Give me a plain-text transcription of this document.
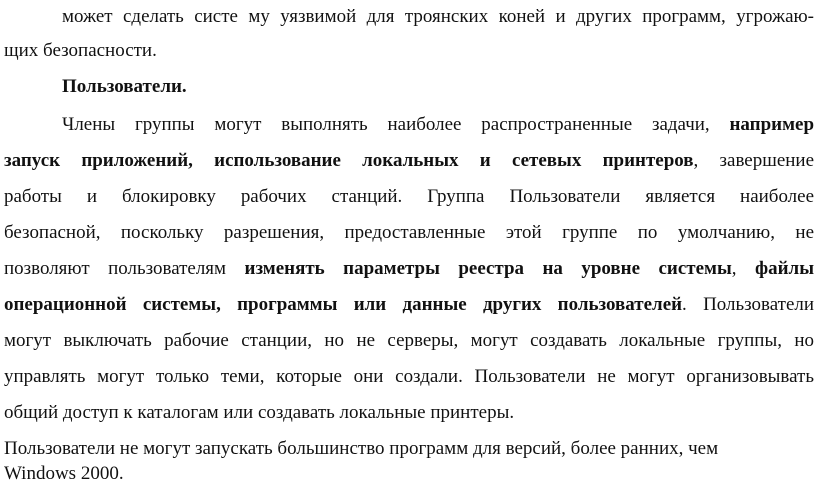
может сделать систе му уязвимой для троянских коней и других программ, угрожаю-
щих безопасности.
Пользователи.
Члены группы могут выполнять наиболее распространенные задачи, например
запуск приложений, использование локальных и сетевых принтеров, завершение
работы и блокировку рабочих станций. Группа Пользователи является наиболее
безопасной, поскольку разрешения, предоставленные этой группе по умолчанию, не
позволяют пользователям изменять параметры реестра на уровне системы, файлы
операционной системы, программы или данные других пользователей. Пользователи
могут выключать рабочие станции, но не серверы, могут создавать локальные группы, но
управлять могут только теми, которые они создали. Пользователи не могут организовывать
общий доступ к каталогам или создавать локальные принтеры.
Пользователи не могут запускать большинство программ для версий, более ранних, чем
Windows 2000.
